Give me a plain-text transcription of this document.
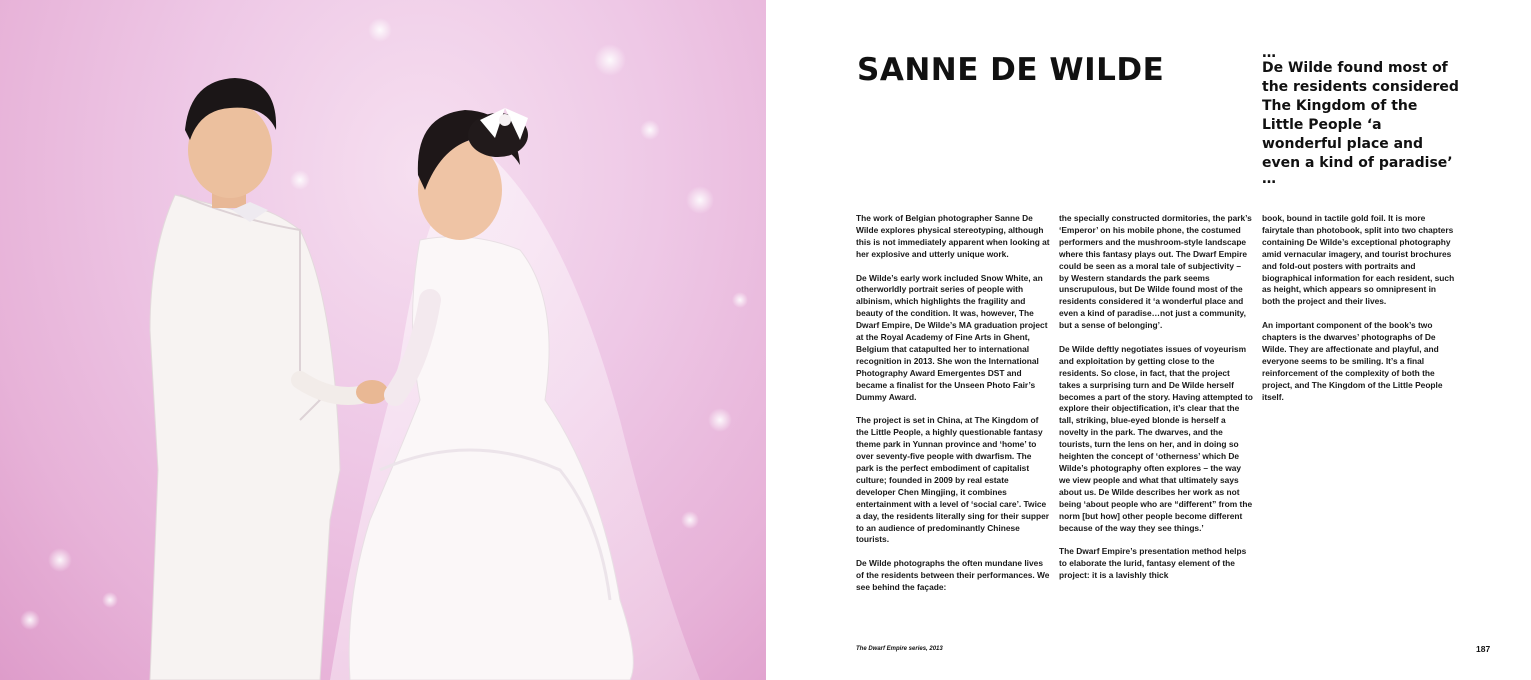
SANNE DE WILDE	…
De Wilde found most of the residents considered The Kingdom of the Little People ‘a wonderful place and even a kind of paradise’
…

The work of Belgian photographer Sanne De Wilde explores physical stereotyping, although this is not immediately apparent when looking at her explosive and utterly unique work.

De Wilde’s early work included Snow White, an otherworldly portrait series of people with albinism, which highlights the fragility and beauty of the condition. It was, however, The Dwarf Empire, De Wilde’s MA graduation project at the Royal Academy of Fine Arts in Ghent, Belgium that catapulted her to international recognition in 2013. She won the International Photography Award Emergentes DST and became a finalist for the Unseen Photo Fair’s Dummy Award.

The project is set in China, at The Kingdom of the Little People, a highly questionable fantasy theme park in Yunnan province and ‘home’ to over seventy-five people with dwarfism. The park is the perfect embodiment of capitalist culture; founded in 2009 by real estate developer Chen Mingjing, it combines entertainment with a level of ‘social care’. Twice a day, the residents literally sing for their supper to an audience of predominantly Chinese tourists.

De Wilde photographs the often mundane lives of the residents between their performances. We see behind the façade:

the specially constructed dormitories, the park’s ‘Emperor’ on his mobile phone, the costumed performers and the mushroom-style landscape where this fantasy plays out. The Dwarf Empire could be seen as a moral tale of subjectivity – by Western standards the park seems unscrupulous, but De Wilde found most of the residents considered it ‘a wonderful place and even a kind of paradise…not just a community, but a sense of belonging’.

De Wilde deftly negotiates issues of voyeurism and exploitation by getting close to the residents. So close, in fact, that the project takes a surprising turn and De Wilde herself becomes a part of the story. Having attempted to explore their objectification, it’s clear that the tall, striking, blue-eyed blonde is herself a novelty in the park. The dwarves, and the tourists, turn the lens on her, and in doing so heighten the concept of ‘otherness’ which De Wilde’s photography often explores – the way we view people and what that ultimately says about us. De Wilde describes her work as not being ‘about people who are “different” from the norm [but how] other people become different because of the way they see things.’

The Dwarf Empire’s presentation method helps to elaborate the lurid, fantasy element of the project: it is a lavishly thick

book, bound in tactile gold foil. It is more fairytale than photobook, split into two chapters containing De Wilde’s exceptional photography amid vernacular imagery, and tourist brochures and fold-out posters with portraits and biographical information for each resident, such as height, which appears so omnipresent in both the project and their lives.

An important component of the book’s two chapters is the dwarves’ photographs of De Wilde. They are affectionate and playful, and everyone seems to be smiling. It’s a final reinforcement of the complexity of both the project, and The Kingdom of the Little People itself.

The Dwarf Empire series, 2013	187
